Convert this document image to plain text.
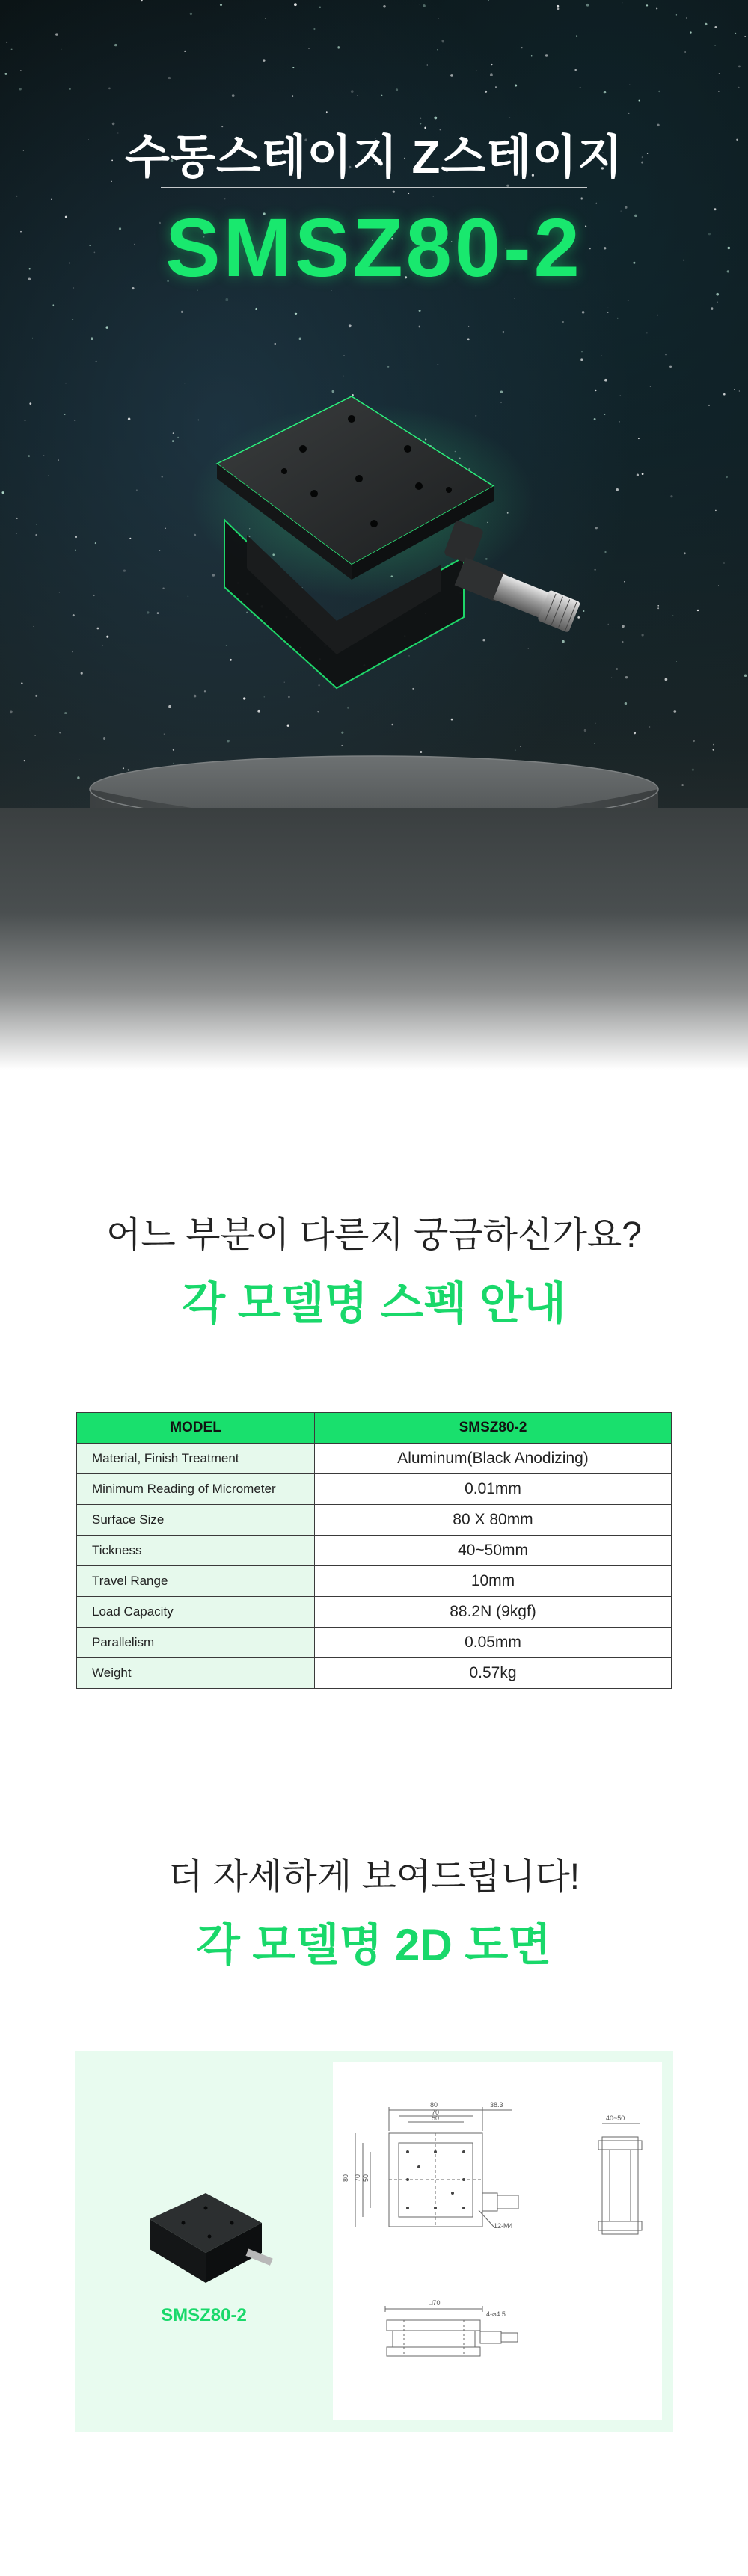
수동스테이지 Z스테이지
SMSZ80-2
어느 부분이 다른지 궁금하신가요?
각 모델명 스펙 안내
MODEL	SMSZ80-2
Material, Finish Treatment	Aluminum(Black Anodizing)
Minimum Reading of Micrometer	0.01mm
Surface Size	80 X 80mm
Tickness	40~50mm
Travel Range	10mm
Load Capacity	88.2N (9kgf)
Parallelism	0.05mm
Weight	0.57kg
더 자세하게 보여드립니다!
각 모델명 2D 도면
SMSZ80-2
80
70
50
38.3
80 70 50
12-M4
40~50
□70
4-⌀4.5
